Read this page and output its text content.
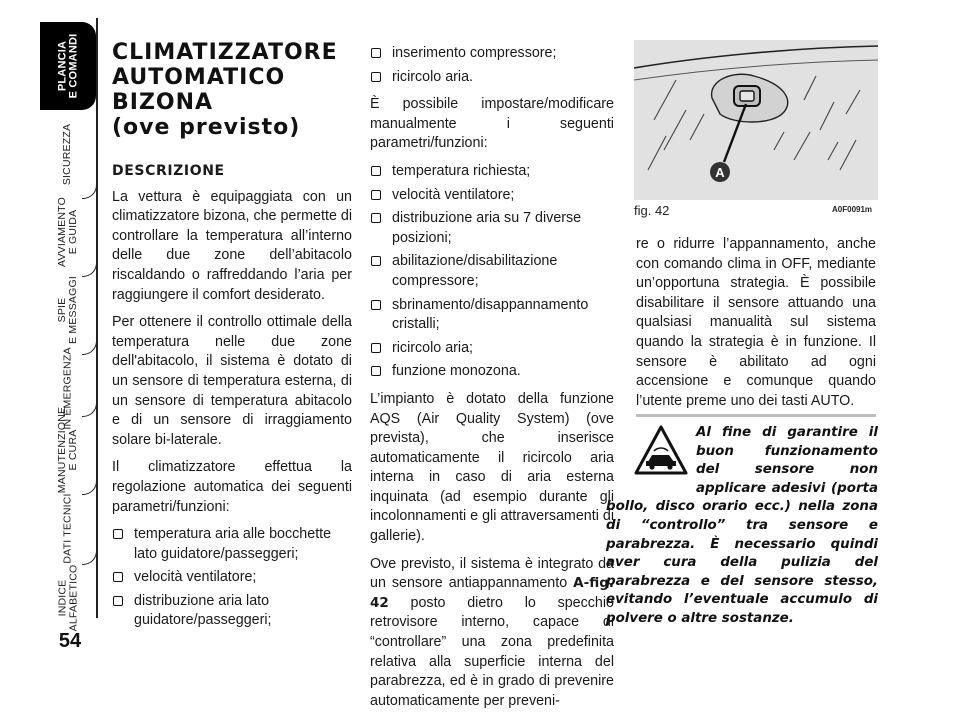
PLANCIA E COMANDI
SICUREZZA
AVVIAMENTO E GUIDA
SPIE E MESSAGGI
IN EMERGENZA
MANUTENZIONE E CURA
DATI TECNICI
INDICE ALFABETICO
54
CLIMATIZZATORE
AUTOMATICO
BIZONA
(ove previsto)
DESCRIZIONE

La vettura è equipaggiata con un climatizzatore bizona, che permette di controllare la temperatura all’interno delle due zone dell’abitacolo riscaldando o raffreddando l’aria per raggiungere il comfort desiderato.

Per ottenere il controllo ottimale della temperatura nelle due zone dell'abitacolo, il sistema è dotato di un sensore di temperatura esterna, di un sensore di temperatura abitacolo e di un sensore di irraggiamento solare bi-laterale.

Il climatizzatore effettua la regolazione automatica dei seguenti parametri/funzioni:

temperatura aria alle bocchette lato guidatore/passeggeri;
velocità ventilatore;
distribuzione aria lato guidatore/passeggeri;
inserimento compressore;
ricircolo aria.

È possibile impostare/modificare manualmente i seguenti parametri/funzioni:

temperatura richiesta;
velocità ventilatore;
distribuzione aria su 7 diverse posizioni;
abilitazione/disabilitazione compressore;
sbrinamento/disappannamento cristalli;
ricircolo aria;
funzione monozona.

L’impianto è dotato della funzione AQS (Air Quality System) (ove prevista), che inserisce automaticamente il ricircolo aria interna in caso di aria esterna inquinata (ad esempio durante gli incolonnamenti e gli attraversamenti di gallerie).

Ove previsto, il sistema è integrato da un sensore antiappannamento A-fig. 42 posto dietro lo specchio retrovisore interno, capace di “controllare” una zona predefinita relativa alla superficie interna del parabrezza, ed è in grado di prevenire automaticamente per preveni-

A
fig. 42	A0F0091m

re o ridurre l’appannamento, anche con comando clima in OFF, mediante un’opportuna strategia. È possibile disabilitare il sensore attuando una qualsiasi manualità sul sistema quando la strategia è in funzione. Il sensore è abilitato ad ogni accensione e comunque quando l’utente preme uno dei tasti AUTO.

Al fine di garantire il buon funzionamento del sensore non applicare adesivi (porta bollo, disco orario ecc.) nella zona di “controllo” tra sensore e parabrezza. È necessario quindi aver cura della pulizia del parabrezza e del sensore stesso, evitando l’eventuale accumulo di polvere o altre sostanze.
